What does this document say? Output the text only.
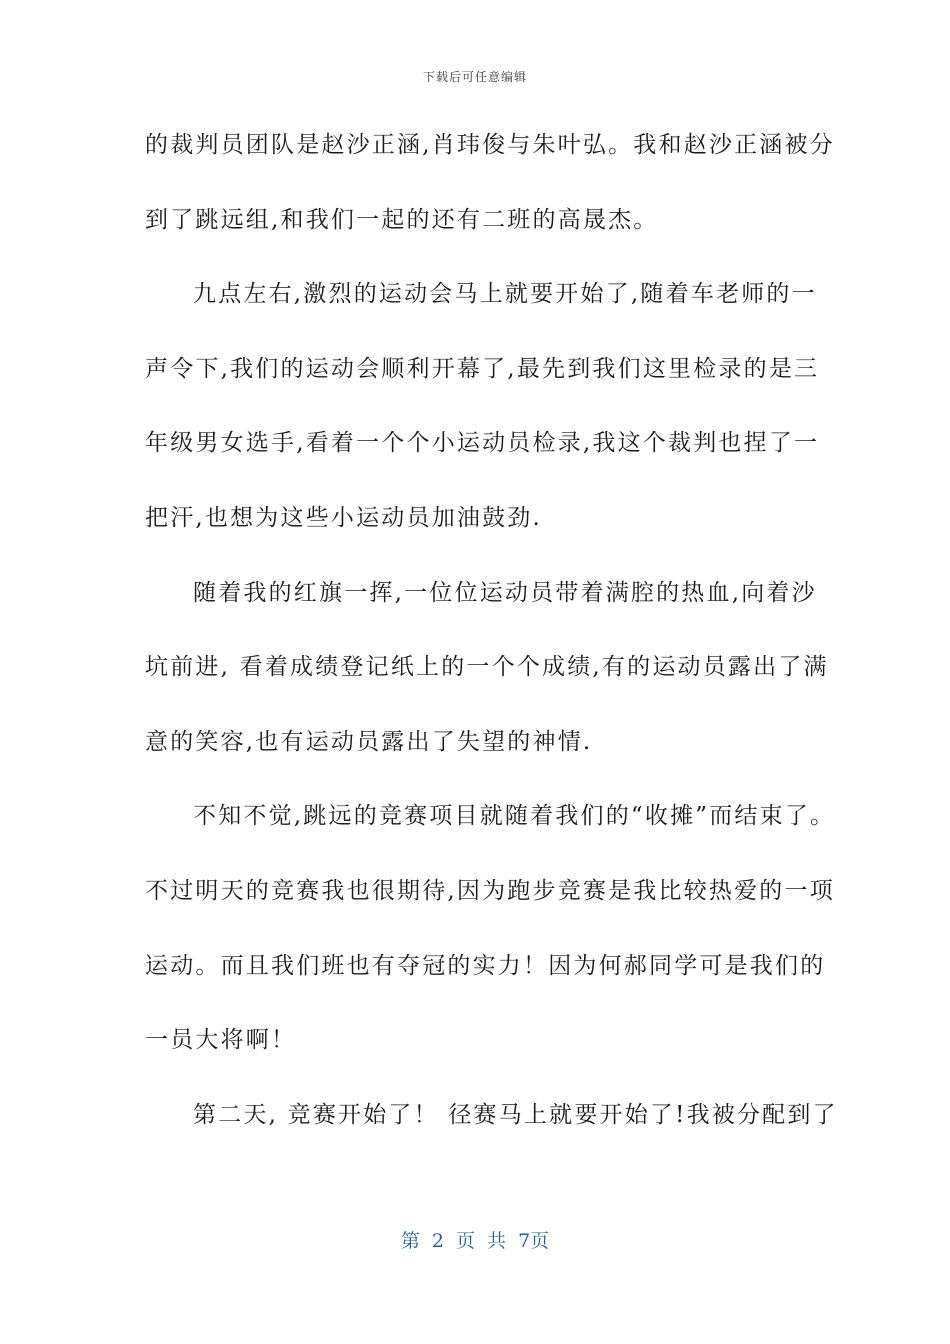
下载后可任意编辑
的裁判员团队是赵沙正涵,肖玮俊与朱叶弘。我和赵沙正涵被分
到了跳远组,和我们一起的还有二班的高晟杰。
九点左右,激烈的运动会马上就要开始了,随着车老师的一
声令下,我们的运动会顺利开幕了,最先到我们这里检录的是三
年级男女选手,看着一个个小运动员检录,我这个裁判也捏了一
把汗,也想为这些小运动员加油鼓劲.
随着我的红旗一挥,一位位运动员带着满腔的热血,向着沙
坑前进, 看着成绩登记纸上的一个个成绩,有的运动员露出了满
意的笑容,也有运动员露出了失望的神情.
不知不觉,跳远的竞赛项目就随着我们的“收摊”而结束了。
不过明天的竞赛我也很期待,因为跑步竞赛是我比较热爱的一项
运动。而且我们班也有夺冠的实力！因为何郝同学可是我们的
一员大将啊！
第二天, 竞赛开始了！ 径赛马上就要开始了!我被分配到了
第 2 页 共 7页
